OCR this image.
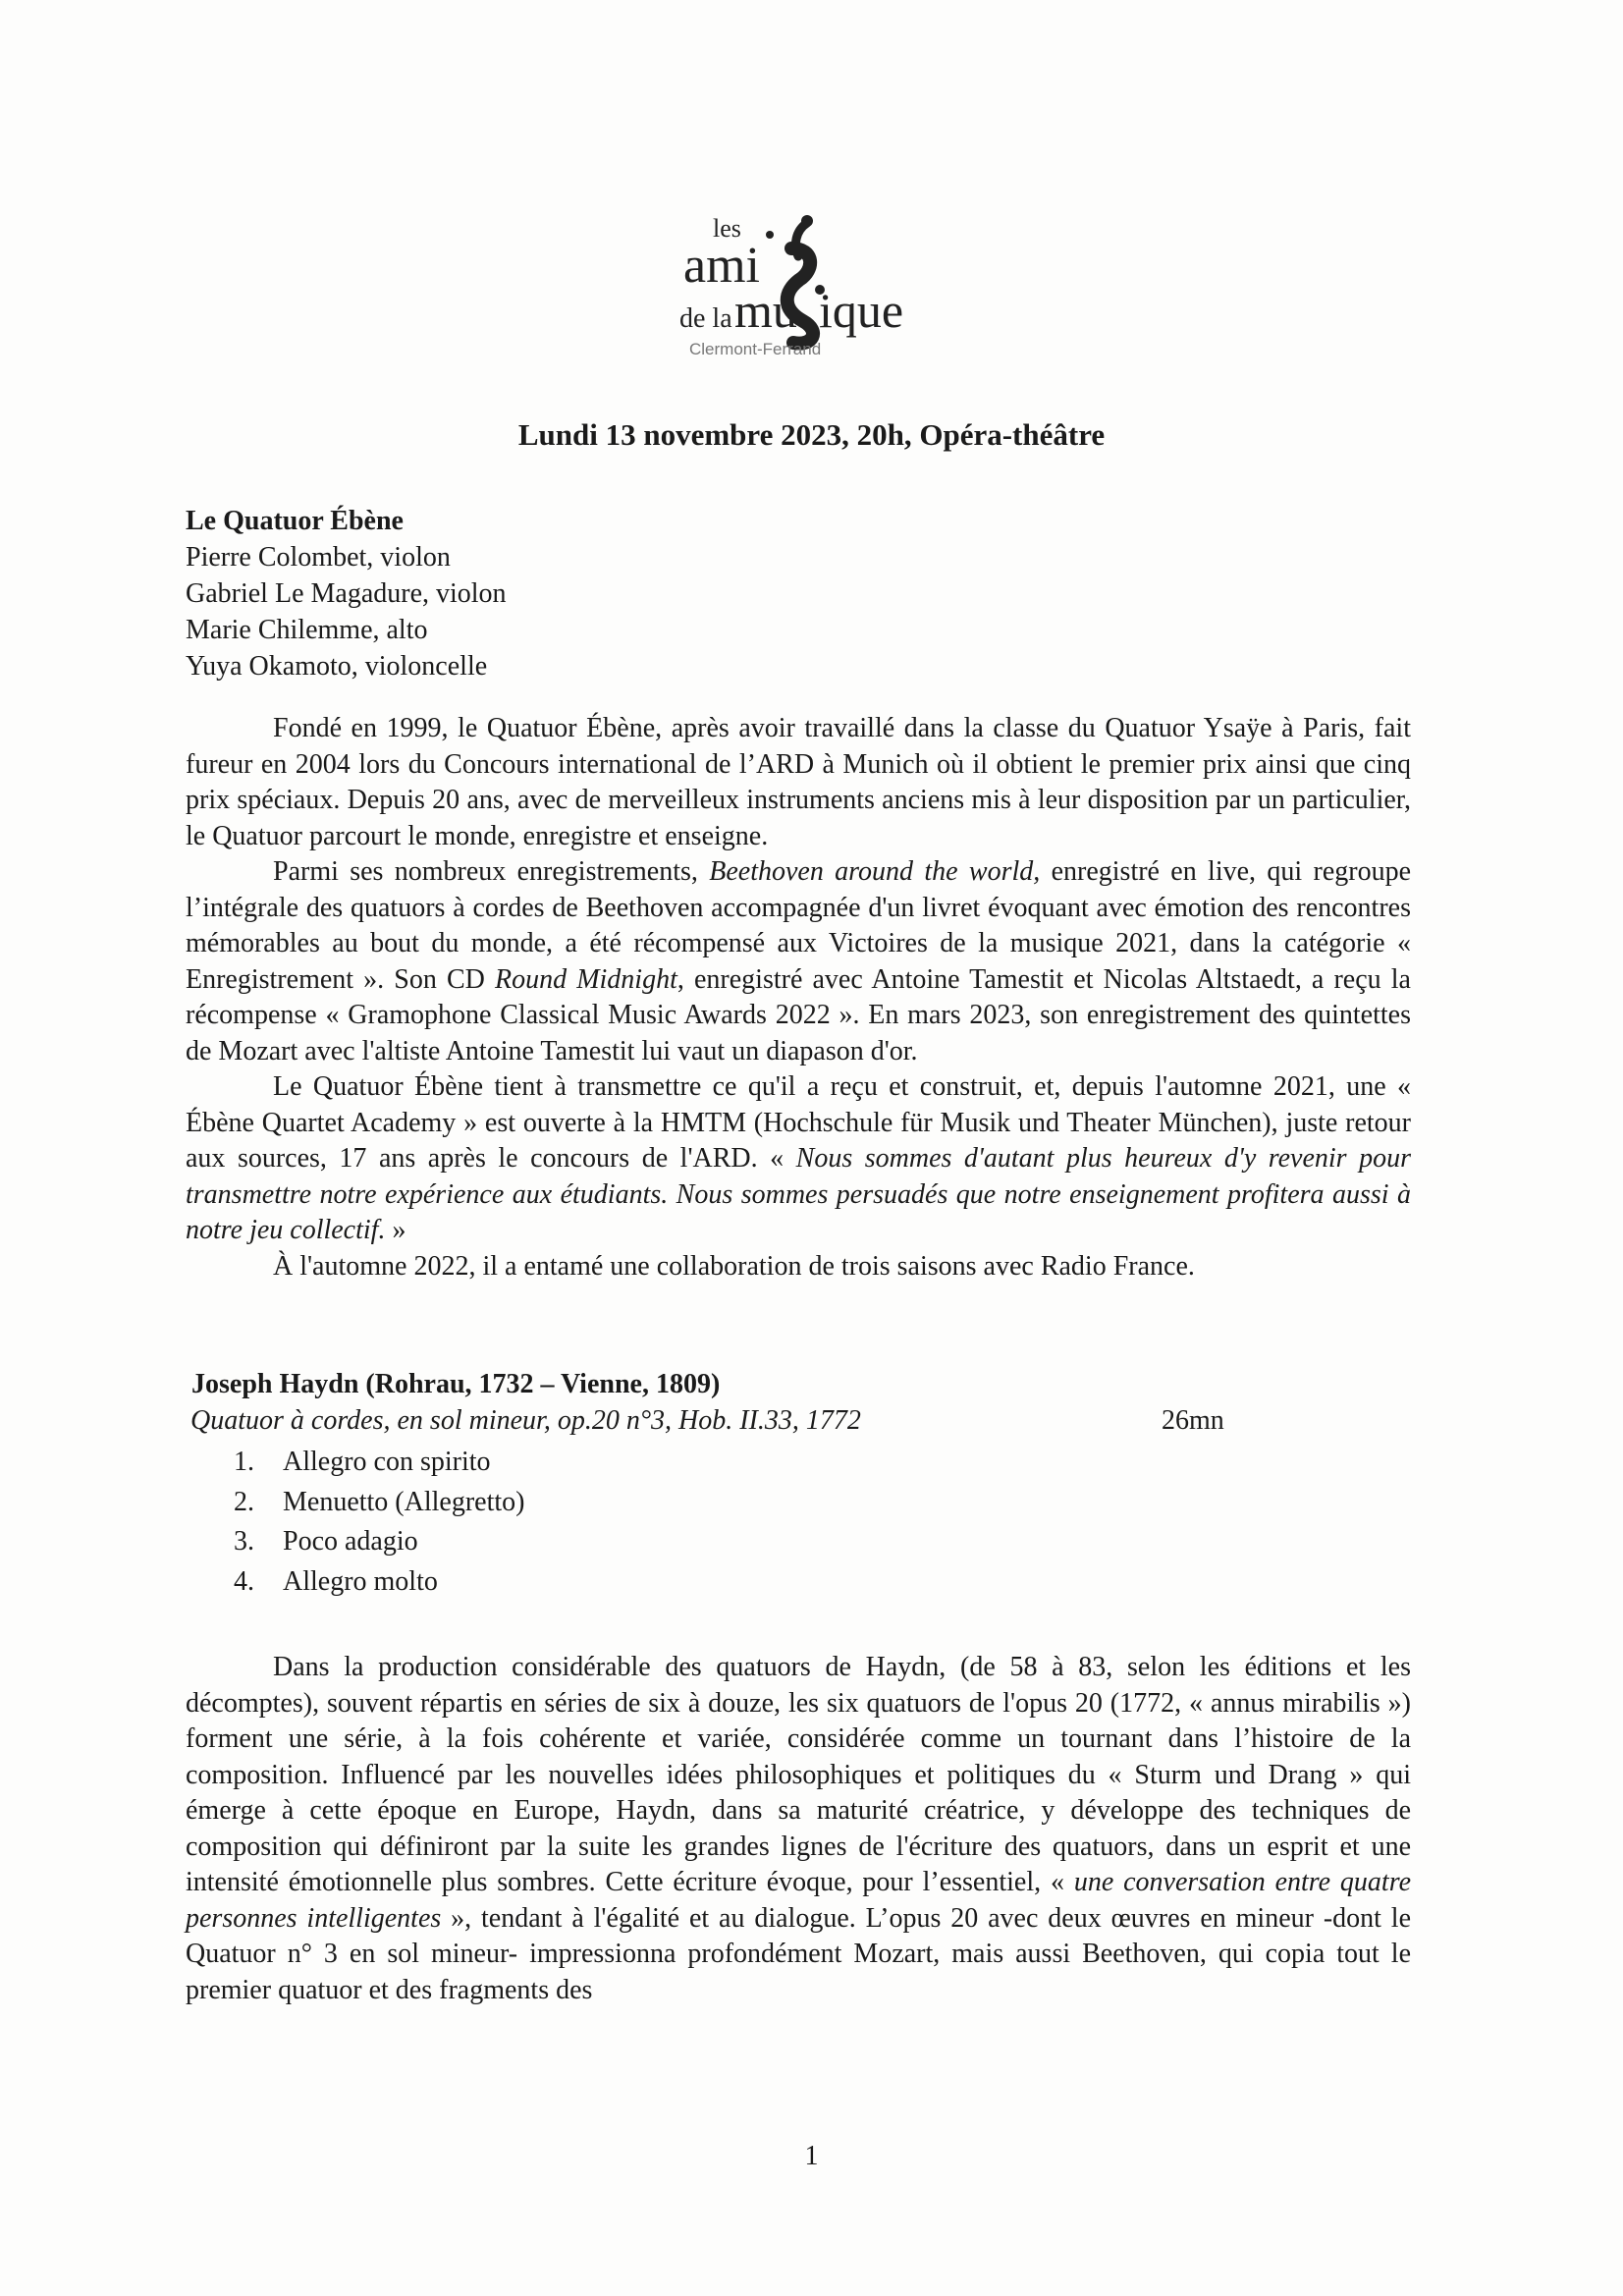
les
ami
de la mu ique
Clermont-Ferrand
Lundi 13 novembre 2023, 20h, Opéra-théâtre
Le Quatuor Ébène
Pierre Colombet, violon
Gabriel Le Magadure, violon
Marie Chilemme, alto
Yuya Okamoto, violoncelle

Fondé en 1999, le Quatuor Ébène, après avoir travaillé dans la classe du Quatuor Ysaÿe à Paris, fait fureur en 2004 lors du Concours international de l’ARD à Munich où il obtient le premier prix ainsi que cinq prix spéciaux. Depuis 20 ans, avec de merveilleux instruments anciens mis à leur disposition par un particulier, le Quatuor parcourt le monde, enregistre et enseigne.

Parmi ses nombreux enregistrements, Beethoven around the world, enregistré en live, qui regroupe l’intégrale des quatuors à cordes de Beethoven accompagnée d'un livret évoquant avec émotion des rencontres mémorables au bout du monde, a été récompensé aux Victoires de la musique 2021, dans la catégorie « Enregistrement ». Son CD Round Midnight, enregistré avec Antoine Tamestit et Nicolas Altstaedt, a reçu la récompense « Gramophone Classical Music Awards 2022 ». En mars 2023, son enregistrement des quintettes de Mozart avec l'altiste Antoine Tamestit lui vaut un diapason d'or.

Le Quatuor Ébène tient à transmettre ce qu'il a reçu et construit, et, depuis l'automne 2021, une « Ébène Quartet Academy » est ouverte à la HMTM (Hochschule für Musik und Theater München), juste retour aux sources, 17 ans après le concours de l'ARD. « Nous sommes d'autant plus heureux d'y revenir pour transmettre notre expérience aux étudiants. Nous sommes persuadés que notre enseignement profitera aussi à notre jeu collectif. »

À l'automne 2022, il a entamé une collaboration de trois saisons avec Radio France.

Joseph Haydn (Rohrau, 1732 – Vienne, 1809)
Quatuor à cordes, en sol mineur, op.20 n°3, Hob. II.33, 1772	26mn
1. Allegro con spirito
2. Menuetto (Allegretto)
3. Poco adagio
4. Allegro molto

Dans la production considérable des quatuors de Haydn, (de 58 à 83, selon les éditions et les décomptes), souvent répartis en séries de six à douze, les six quatuors de l'opus 20 (1772, « annus mirabilis ») forment une série, à la fois cohérente et variée, considérée comme un tournant dans l’histoire de la composition. Influencé par les nouvelles idées philosophiques et politiques du « Sturm und Drang » qui émerge à cette époque en Europe, Haydn, dans sa maturité créatrice, y développe des techniques de composition qui définiront par la suite les grandes lignes de l'écriture des quatuors, dans un esprit et une intensité émotionnelle plus sombres. Cette écriture évoque, pour l’essentiel, « une conversation entre quatre personnes intelligentes », tendant à l'égalité et au dialogue. L’opus 20 avec deux œuvres en mineur -dont le Quatuor n° 3 en sol mineur- impressionna profondément Mozart, mais aussi Beethoven, qui copia tout le premier quatuor et des fragments des

1
